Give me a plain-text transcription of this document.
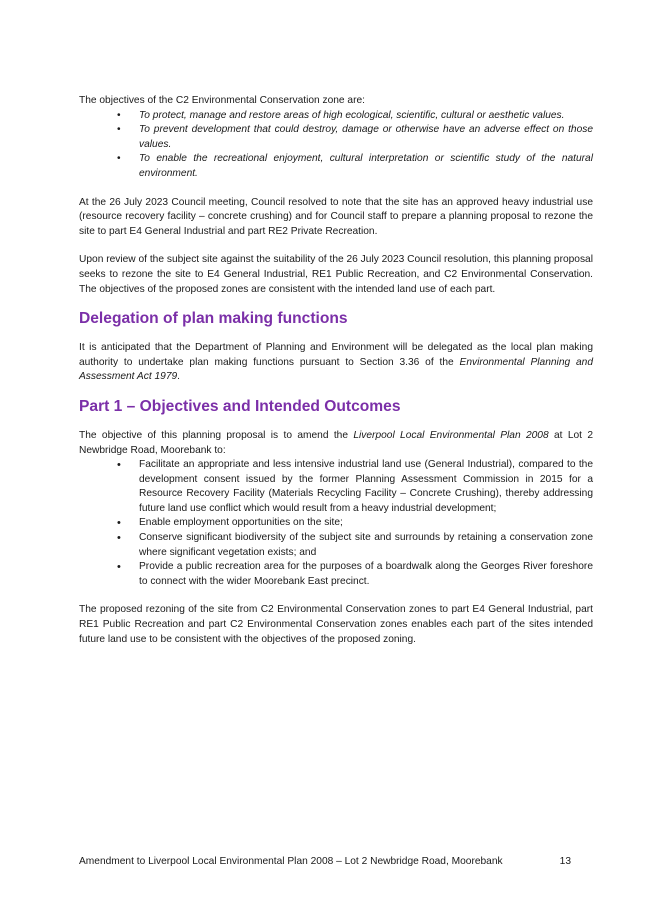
The objectives of the C2 Environmental Conservation zone are:

• To protect, manage and restore areas of high ecological, scientific, cultural or aesthetic values.
• To prevent development that could destroy, damage or otherwise have an adverse effect on those values.
• To enable the recreational enjoyment, cultural interpretation or scientific study of the natural environment.

At the 26 July 2023 Council meeting, Council resolved to note that the site has an approved heavy industrial use (resource recovery facility – concrete crushing) and for Council staff to prepare a planning proposal to rezone the site to part E4 General Industrial and part RE2 Private Recreation.

Upon review of the subject site against the suitability of the 26 July 2023 Council resolution, this planning proposal seeks to rezone the site to E4 General Industrial, RE1 Public Recreation, and C2 Environmental Conservation. The objectives of the proposed zones are consistent with the intended land use of each part.

Delegation of plan making functions

It is anticipated that the Department of Planning and Environment will be delegated as the local plan making authority to undertake plan making functions pursuant to Section 3.36 of the Environmental Planning and Assessment Act 1979.

Part 1 – Objectives and Intended Outcomes

The objective of this planning proposal is to amend the Liverpool Local Environmental Plan 2008 at Lot 2 Newbridge Road, Moorebank to:

• Facilitate an appropriate and less intensive industrial land use (General Industrial), compared to the development consent issued by the former Planning Assessment Commission in 2015 for a Resource Recovery Facility (Materials Recycling Facility – Concrete Crushing), thereby addressing future land use conflict which would result from a heavy industrial development;
• Enable employment opportunities on the site;
• Conserve significant biodiversity of the subject site and surrounds by retaining a conservation zone where significant vegetation exists; and
• Provide a public recreation area for the purposes of a boardwalk along the Georges River foreshore to connect with the wider Moorebank East precinct.

The proposed rezoning of the site from C2 Environmental Conservation zones to part E4 General Industrial, part RE1 Public Recreation and part C2 Environmental Conservation zones enables each part of the sites intended future land use to be consistent with the objectives of the proposed zoning.

Amendment to Liverpool Local Environmental Plan 2008 – Lot 2 Newbridge Road, Moorebank	13
